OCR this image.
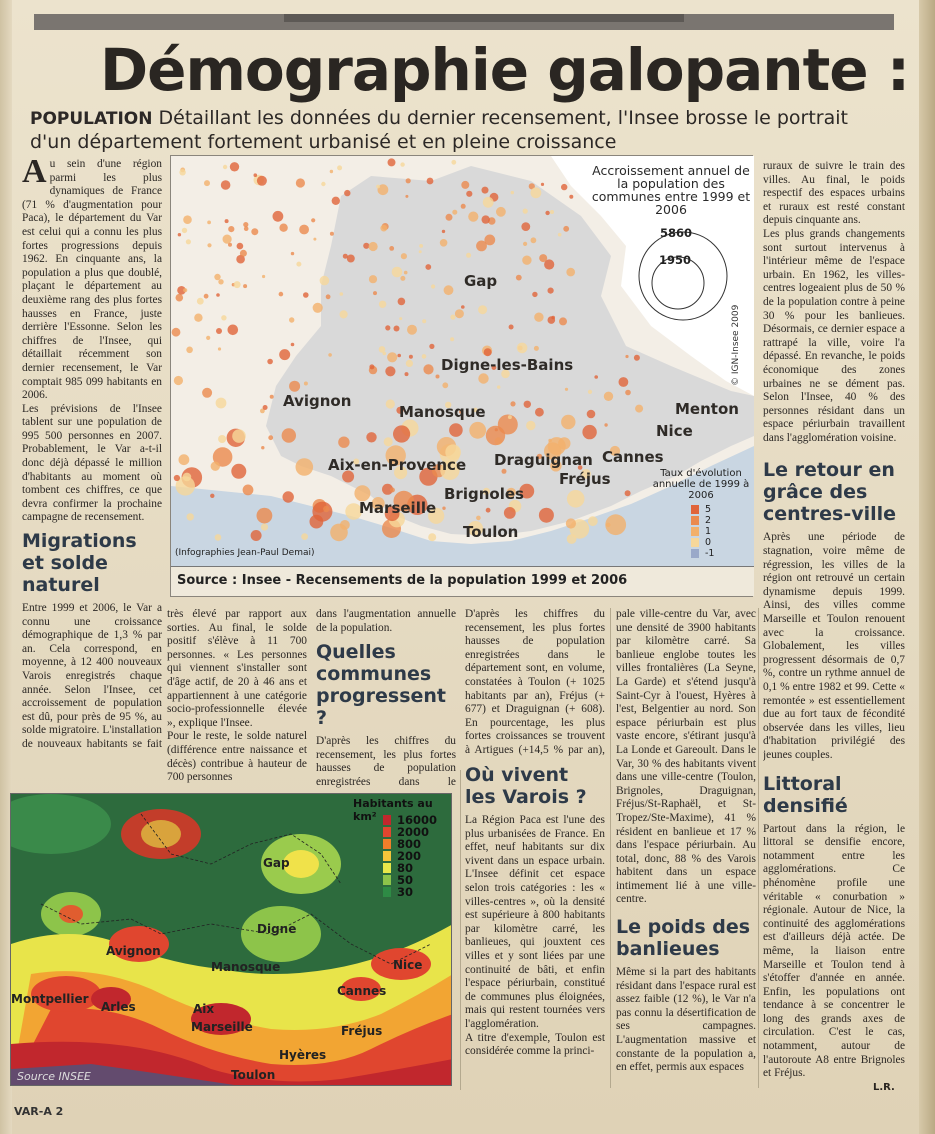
Démographie galopante :
POPULATION Détaillant les données du dernier recensement, l'Insee brosse le portrait d'un département fortement urbanisé et en pleine croissance
Au sein d'une région parmi les plus dynamiques de France (71 % d'augmentation pour Paca), le département du Var est celui qui a connu les plus fortes progressions depuis 1962. En cinquante ans, la population a plus que doublé, plaçant le département au deuxième rang des plus fortes hausses en France, juste derrière l'Essonne. Selon les chiffres de l'Insee, qui détaillait récemment son dernier recensement, le Var comptait 985 099 habitants en 2006.

Les prévisions de l'Insee tablent sur une population de 995 500 personnes en 2007. Probablement, le Var a-t-il donc déjà dépassé le million d'habitants au moment où tombent ces chiffres, ce que devra confirmer la prochaine campagne de recensement.

Migrations et solde naturel
Entre 1999 et 2006, le Var a connu une croissance démographique de 1,3 % par an. Cela correspond, en moyenne, à 12 400 nouveaux Varois enregistrés chaque année. Selon l'Insee, cet accroissement de population est dû, pour près de 95 %, au solde migratoire. L'installation de nouveaux habitants se fait
Accroissement annuel de la population des communes entre 1999 et 2006
5860
1950
© IGN-Insee 2009
Gap
Digne-les-Bains
Avignon
Manosque	Menton
Nice
Cannes
Draguignan
Fréjus
Aix-en-Provence
Brignoles
Marseille
Toulon
Taux d'évolution annuelle de 1999 à 2006
5
2
1
0
-1
(Infographies Jean-Paul Demai)
Source : Insee - Recensements de la population 1999 et 2006

ruraux de suivre le train des villes. Au final, le poids respectif des espaces urbains et ruraux est resté constant depuis cinquante ans.

Les plus grands changements sont surtout intervenus à l'intérieur même de l'espace urbain. En 1962, les villes-centres logeaient plus de 50 % de la population contre à peine 30 % pour les banlieues. Désormais, ce dernier espace a rattrapé la ville, voire l'a dépassé. En revanche, le poids économique des zones urbaines ne se dément pas. Selon l'Insee, 40 % des personnes résidant dans un espace périurbain travaillent dans l'agglomération voisine.

Le retour en grâce des centres-ville
Après une période de stagnation, voire même de régression, les villes de la région ont retrouvé un certain dynamisme depuis 1999. Ainsi, des villes comme Marseille et Toulon renouent avec la croissance. Globalement, les villes progressent désormais de 0,7 %, contre un rythme annuel de 0,1 % entre 1982 et 99. Cette « remontée » est essentiellement due au fort taux de fécondité observée dans les villes, lieu d'habitation privilégié des jeunes couples.
Littoral densifié
Partout dans la région, le littoral se densifie encore, notamment entre les agglomérations. Ce phénomène profile une véritable « conurbation » régionale. Autour de Nice, la continuité des agglomérations est d'ailleurs déjà actée. De même, la liaison entre Marseille et Toulon tend à s'étoffer d'année en année. Enfin, les populations ont tendance à se concentrer le long des grands axes de circulation. C'est le cas, notamment, autour de l'autoroute A8 entre Brignoles et Fréjus.
L.R.

très élevé par rapport aux sorties. Au final, le solde positif s'élève à 11 700 personnes. « Les personnes qui viennent s'installer sont d'âge actif, de 20 à 46 ans et appartiennent à une catégorie socio-professionnelle élevée », explique l'Insee.

Pour le reste, le solde naturel (différence entre naissance et décès) contribue à hauteur de 700 personnes

dans l'augmentation annuelle de la population.
Quelles communes progressent ?
D'après les chiffres du recensement, les plus fortes hausses de population enregistrées dans le

D'après les chiffres du recensement, les plus fortes hausses de population enregistrées dans le département sont, en volume, constatées à Toulon (+ 1025 habitants par an), Fréjus (+ 677) et Draguignan (+ 608). En pourcentage, les plus fortes croissances se trouvent à Artigues (+14,5 % par an),

Où vivent les Varois ?

La Région Paca est l'une des plus urbanisées de France. En effet, neuf habitants sur dix vivent dans un espace urbain. L'Insee définit cet espace selon trois catégories : les « villes-centres », où la densité est supérieure à 800 habitants par kilomètre carré, les banlieues, qui jouxtent ces villes et y sont liées par une continuité de bâti, et enfin l'espace périurbain, constitué de communes plus éloignées, mais qui restent tournées vers l'agglomération.

A titre d'exemple, Toulon est considérée comme la princi-

pale ville-centre du Var, avec une densité de 3900 habitants par kilomètre carré. Sa banlieue englobe toutes les villes frontalières (La Seyne, La Garde) et s'étend jusqu'à Saint-Cyr à l'ouest, Hyères à l'est, Belgentier au nord. Son espace périurbain est plus vaste encore, s'étirant jusqu'à La Londe et Gareoult. Dans le Var, 30 % des habitants vivent dans une ville-centre (Toulon, Brignoles, Draguignan, Fréjus/St-Raphaël, et St-Tropez/Ste-Maxime), 41 % résident en banlieue et 17 % dans l'espace périurbain. Au total, donc, 88 % des Varois habitent dans un espace intimement lié à une ville-centre.
Le poids des banlieues
Même si la part des habitants résidant dans l'espace rural est assez faible (12 %), le Var n'a pas connu la désertification de ses campagnes. L'augmentation massive et constante de la population a, en effet, permis aux espaces
Habitants au km²	16000
2000
800
200
80
50
30
Gap
Digne
Avignon
Manosque	Nice
Cannes
Montpellier
Arles	Aix
Marseille	Fréjus
Hyères
Toulon
Source INSEE
VAR-A 2
